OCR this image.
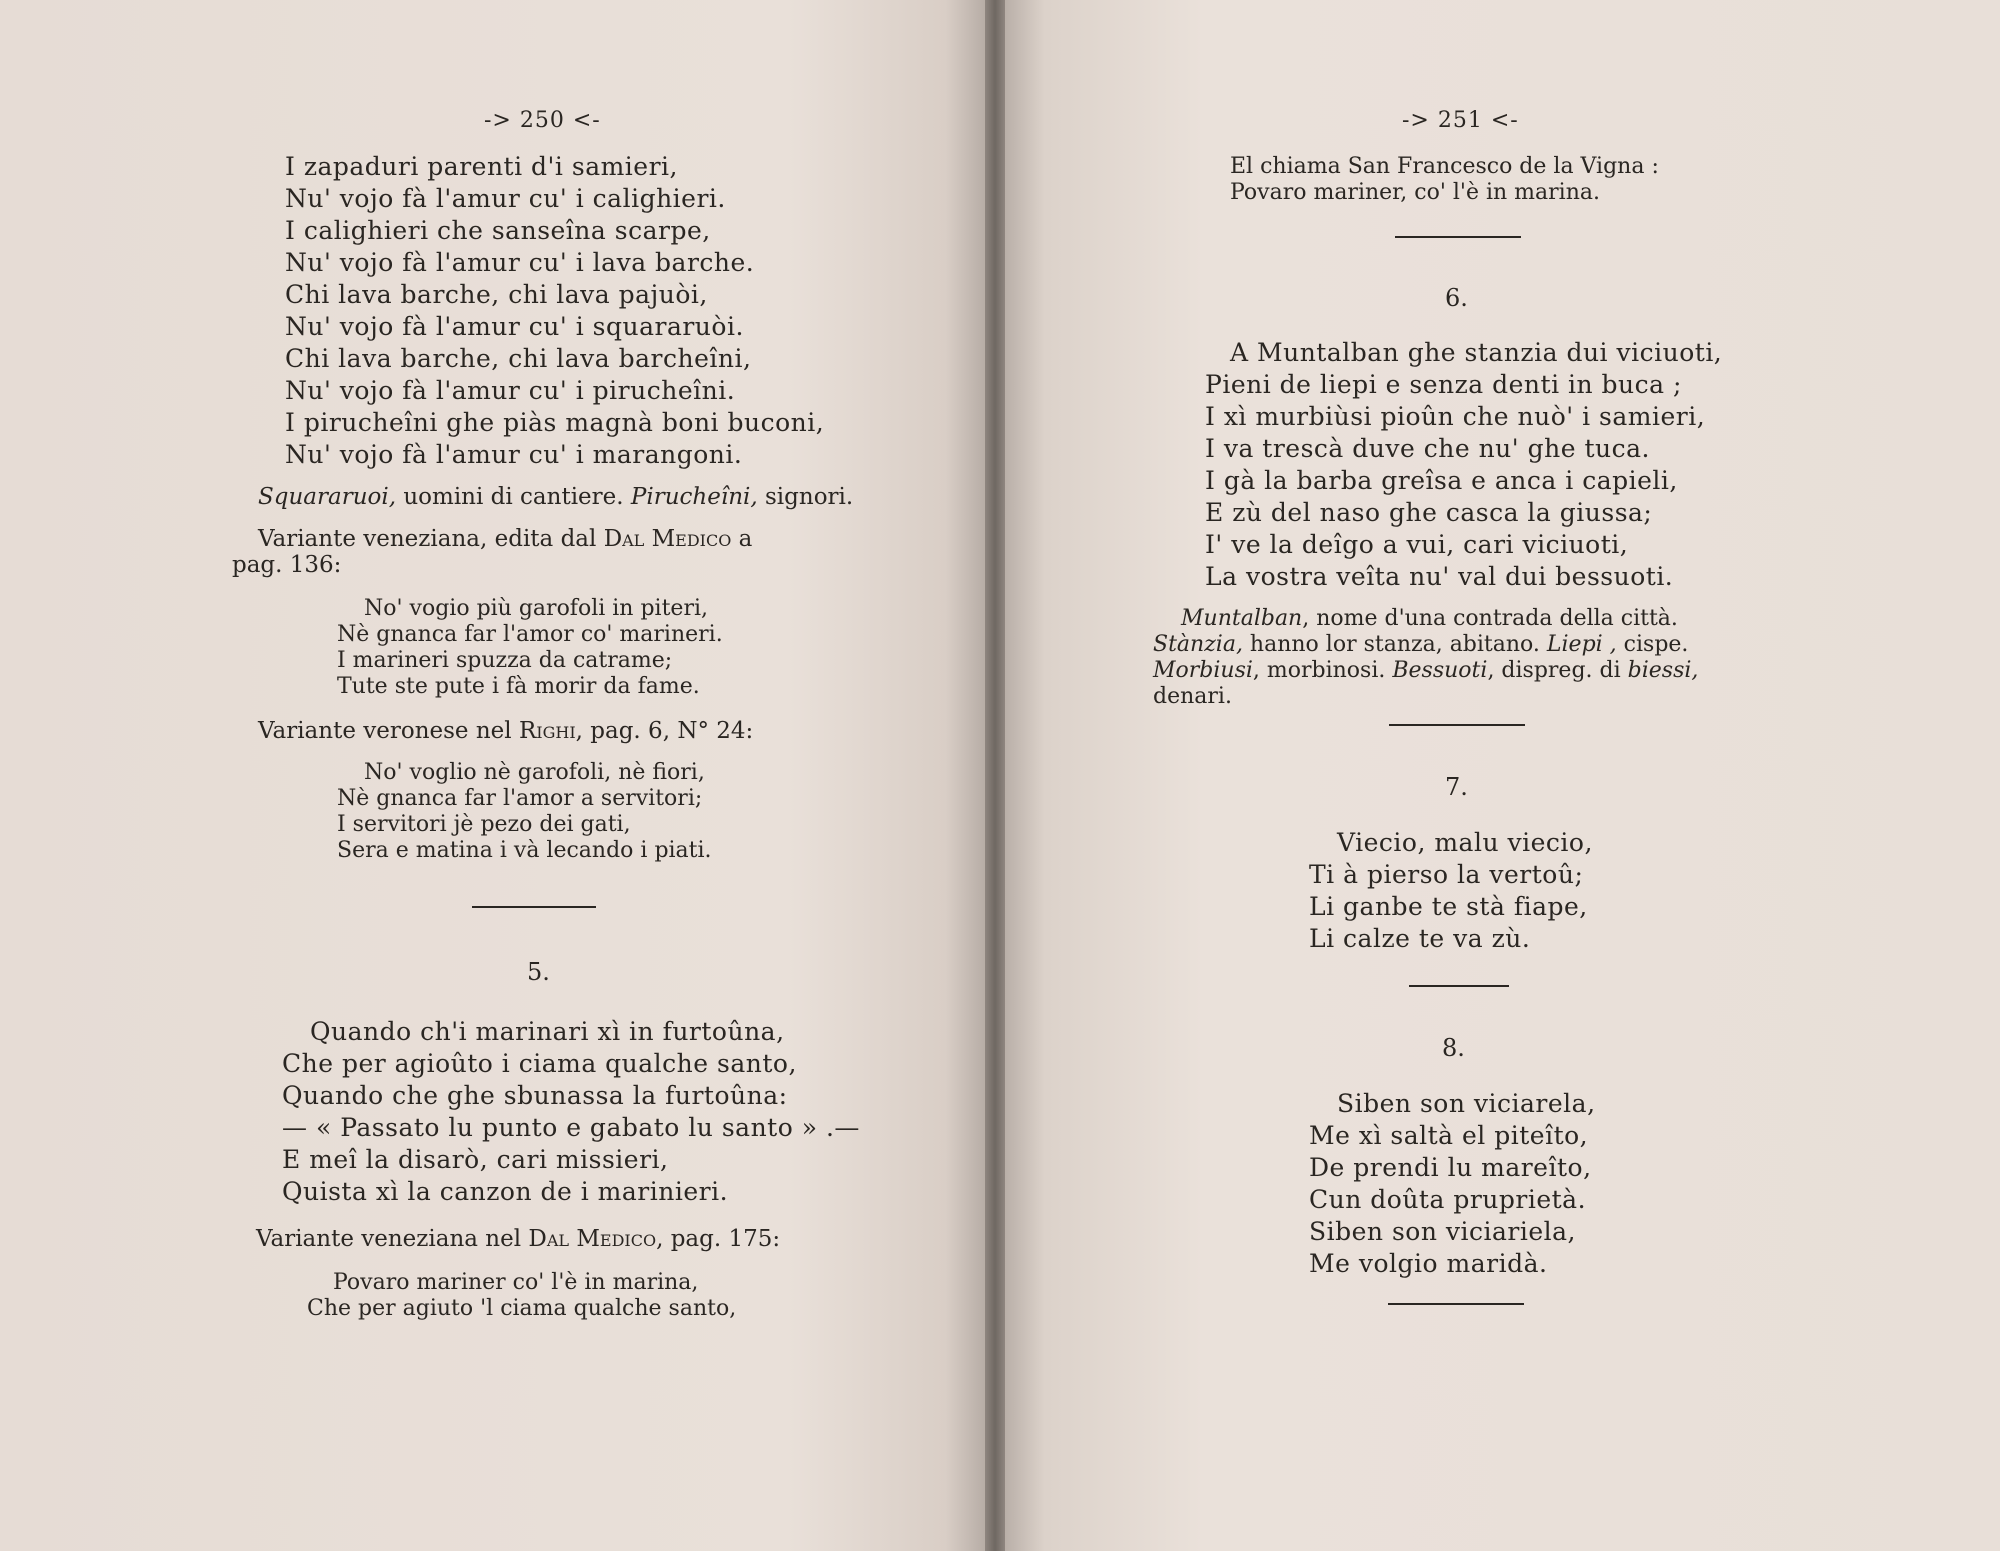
-> 250 <-
I zapaduri parenti d'i samieri,
Nu' vojo fà l'amur cu' i calighieri.
I calighieri che sanseîna scarpe,
Nu' vojo fà l'amur cu' i lava barche.
Chi lava barche, chi lava pajuòi,
Nu' vojo fà l'amur cu' i squararuòi.
Chi lava barche, chi lava barcheîni,
Nu' vojo fà l'amur cu' i pirucheîni.
I pirucheîni ghe piàs magnà boni buconi,
Nu' vojo fà l'amur cu' i marangoni.
Squararuoi, uomini di cantiere. Pirucheîni, signori.
Variante veneziana, edita dal Dal Medico a
pag. 136:
No' vogio più garofoli in piteri,
Nè gnanca far l'amor co' marineri.
I marineri spuzza da catrame;
Tute ste pute i fà morir da fame.
Variante veronese nel Righi, pag. 6, N° 24:
No' voglio nè garofoli, nè fiori,
Nè gnanca far l'amor a servitori;
I servitori jè pezo dei gati,
Sera e matina i và lecando i piati.
5.
Quando ch'i marinari xì in furtoûna,
Che per agioûto i ciama qualche santo,
Quando che ghe sbunassa la furtoûna:
— « Passato lu punto e gabato lu santo » .—
E meî la disarò, cari missieri,
Quista xì la canzon de i marinieri.
Variante veneziana nel Dal Medico, pag. 175:
Povaro mariner co' l'è in marina,
Che per agiuto 'l ciama qualche santo,
-> 251 <-
El chiama San Francesco de la Vigna :
Povaro mariner, co' l'è in marina.
6.
A Muntalban ghe stanzia dui viciuoti,
Pieni de liepi e senza denti in buca ;
I xì murbiùsi pioûn che nuò' i samieri,
I va trescà duve che nu' ghe tuca.
I gà la barba greîsa e anca i capieli,
E zù del naso ghe casca la giussa;
I' ve la deîgo a vui, cari viciuoti,
La vostra veîta nu' val dui bessuoti.
Muntalban, nome d'una contrada della città.
Stànzia, hanno lor stanza, abitano. Liepi , cispe.
Morbiusi, morbinosi. Bessuoti, dispreg. di biessi,
denari.
7.
Viecio, malu viecio,
Ti à pierso la vertoû;
Li ganbe te stà fiape,
Li calze te va zù.
8.
Siben son viciarela,
Me xì saltà el piteîto,
De prendi lu mareîto,
Cun doûta pruprietà.
Siben son viciariela,
Me volgio maridà.
